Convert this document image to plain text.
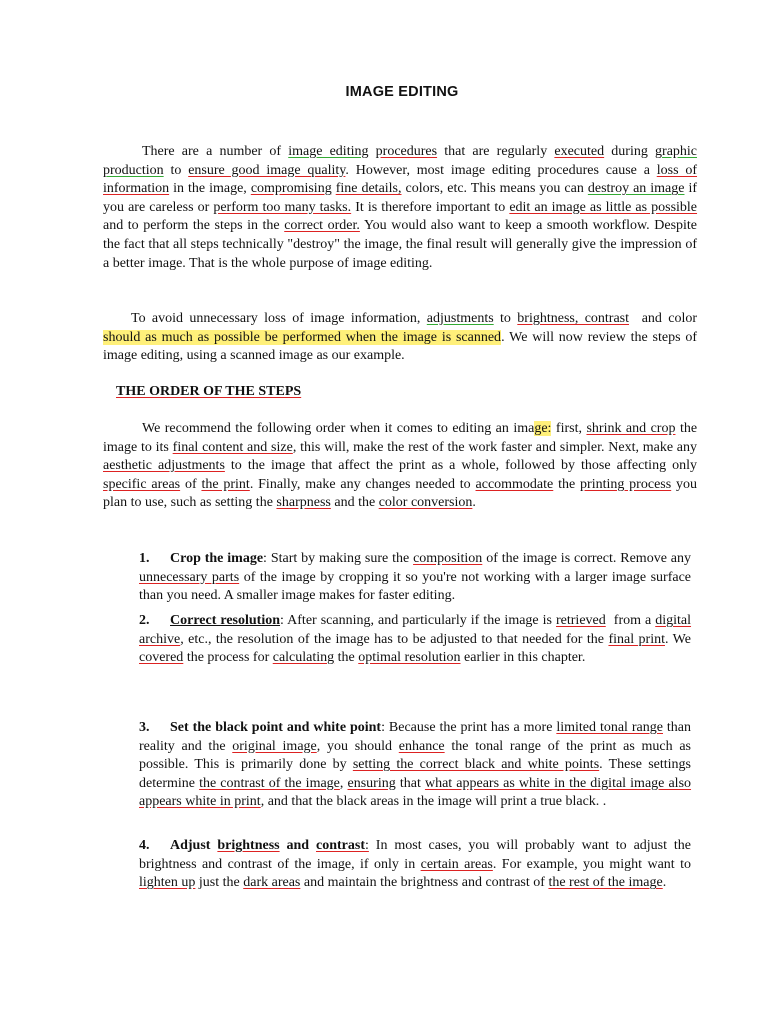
IMAGE EDITING
There are a number of image editing procedures that are regularly executed during graphic production to ensure good image quality. However, most image editing procedures cause a loss of information in the image, compromising fine details, colors, etc. This means you can destroy an image if you are careless or perform too many tasks. It is therefore important to edit an image as little as possible and to perform the steps in the correct order. You would also want to keep a smooth workflow. Despite the fact that all steps technically "destroy" the image, the final result will generally give the impression of a better image. That is the whole purpose of image editing.
To avoid unnecessary loss of image information, adjustments to brightness, contrast and color should as much as possible be performed when the image is scanned. We will now review the steps of image editing, using a scanned image as our example.
THE ORDER OF THE STEPS
We recommend the following order when it comes to editing an image: first, shrink and crop the image to its final content and size, this will, make the rest of the work faster and simpler. Next, make any aesthetic adjustments to the image that affect the print as a whole, followed by those affecting only specific areas of the print. Finally, make any changes needed to accommodate the printing process you plan to use, such as setting the sharpness and the color conversion.
1. Crop the image: Start by making sure the composition of the image is correct. Remove any unnecessary parts of the image by cropping it so you're not working with a larger image surface than you need. A smaller image makes for faster editing.
2. Correct resolution: After scanning, and particularly if the image is retrieved from a digital archive, etc., the resolution of the image has to be adjusted to that needed for the final print. We covered the process for calculating the optimal resolution earlier in this chapter.
3. Set the black point and white point: Because the print has a more limited tonal range than reality and the original image, you should enhance the tonal range of the print as much as possible. This is primarily done by setting the correct black and white points. These settings determine the contrast of the image, ensuring that what appears as white in the digital image also appears white in print, and that the black areas in the image will print a true black. .
4. Adjust brightness and contrast: In most cases, you will probably want to adjust the brightness and contrast of the image, if only in certain areas. For example, you might want to lighten up just the dark areas and maintain the brightness and contrast of the rest of the image.
